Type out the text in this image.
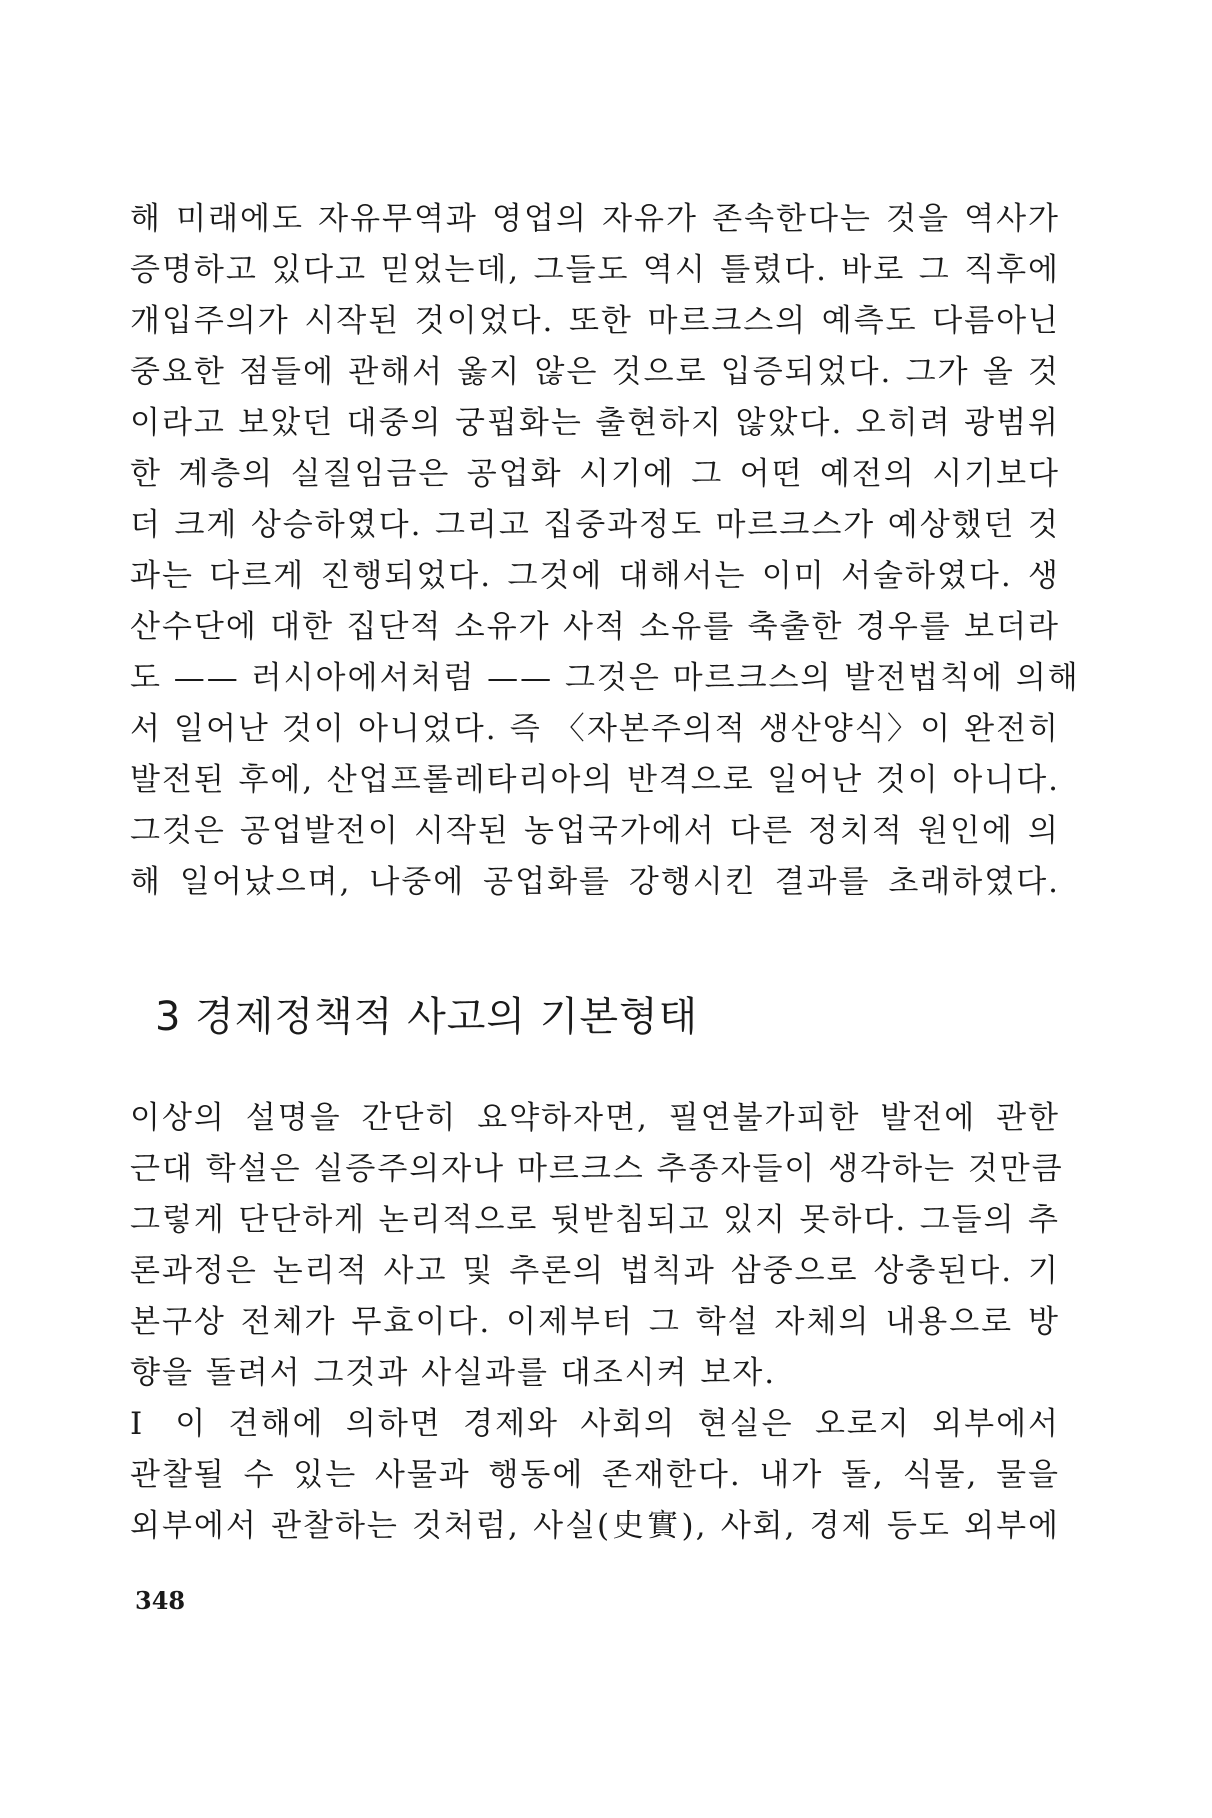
해 미래에도 자유무역과 영업의 자유가 존속한다는 것을 역사가
증명하고 있다고 믿었는데, 그들도 역시 틀렸다. 바로 그 직후에
개입주의가 시작된 것이었다. 또한 마르크스의 예측도 다름아닌
중요한 점들에 관해서 옳지 않은 것으로 입증되었다. 그가 올 것
이라고 보았던 대중의 궁핍화는 출현하지 않았다. 오히려 광범위
한 계층의 실질임금은 공업화 시기에 그 어떤 예전의 시기보다
더 크게 상승하였다. 그리고 집중과정도 마르크스가 예상했던 것
과는 다르게 진행되었다. 그것에 대해서는 이미 서술하였다. 생
산수단에 대한 집단적 소유가 사적 소유를 축출한 경우를 보더라
도 —— 러시아에서처럼 —— 그것은 마르크스의 발전법칙에 의해
서 일어난 것이 아니었다. 즉 〈자본주의적 생산양식〉이 완전히
발전된 후에, 산업프롤레타리아의 반격으로 일어난 것이 아니다.
그것은 공업발전이 시작된 농업국가에서 다른 정치적 원인에 의
해 일어났으며, 나중에 공업화를 강행시킨 결과를 초래하였다.
3 경제정책적 사고의 기본형태
이상의 설명을 간단히 요약하자면, 필연불가피한 발전에 관한
근대 학설은 실증주의자나 마르크스 추종자들이 생각하는 것만큼
그렇게 단단하게 논리적으로 뒷받침되고 있지 못하다. 그들의 추
론과정은 논리적 사고 및 추론의 법칙과 삼중으로 상충된다. 기
본구상 전체가 무효이다. 이제부터 그 학설 자체의 내용으로 방
향을 돌려서 그것과 사실과를 대조시켜 보자.
Ⅰ 이 견해에 의하면 경제와 사회의 현실은 오로지 외부에서
관찰될 수 있는 사물과 행동에 존재한다. 내가 돌, 식물, 물을
외부에서 관찰하는 것처럼, 사실(史實), 사회, 경제 등도 외부에
348
